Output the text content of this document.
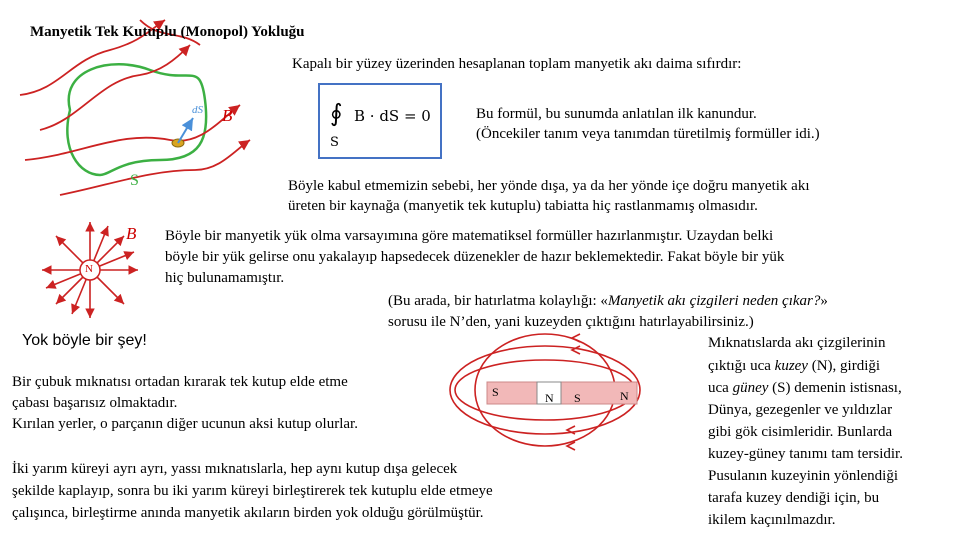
Manyetik Tek Kutuplu (Monopol) Yokluğu
Kapalı bir yüzey üzerinden hesaplanan toplam manyetik akı daima sıfırdır:
∮ B · dS = 0
S
Bu formül, bu sunumda anlatılan ilk kanundur.
(Öncekiler tanım veya tanımdan türetilmiş formüller idi.)
Böyle kabul etmemizin sebebi, her yönde dışa, ya da her yönde içe doğru manyetik akı
üreten bir kaynağa (manyetik tek kutuplu) tabiatta hiç rastlanmamış olmasıdır.
Böyle bir manyetik yük olma varsayımına göre matematiksel formüller hazırlanmıştır. Uzaydan belki
böyle bir yük gelirse onu yakalayıp hapsedecek düzenekler de hazır beklemektedir. Fakat böyle bir yük
hiç bulunamamıştır.
(Bu arada, bir hatırlatma kolaylığı: «Manyetik akı çizgileri neden çıkar?»
sorusu ile N’den, yani kuzeyden çıktığını hatırlayabilirsiniz.)
Yok böyle bir şey!
Bir çubuk mıknatısı ortadan kırarak tek kutup elde etme
çabası başarısız olmaktadır.
Kırılan yerler, o parçanın diğer ucunun aksi kutup olurlar.
İki yarım küreyi ayrı ayrı, yassı mıknatıslarla, hep aynı kutup dışa gelecek
şekilde kaplayıp, sonra bu iki yarım küreyi birleştirerek tek kutuplu elde etmeye
çalışınca, birleştirme anında manyetik akıların birden yok olduğu görülmüştür.
Mıknatıslarda akı çizgilerinin
çıktığı uca kuzey (N), girdiği
uca güney (S) demenin istisnası,
Dünya, gezegenler ve yıldızlar
gibi gök cisimleridir. Bunlarda
kuzey-güney tanımı tam tersidir.
Pusulanın kuzeyinin yönlendiği
tarafa kuzey dendiği için, bu
ikilem kaçınılmazdır.
S
dS B
B
N
S	N S	N
